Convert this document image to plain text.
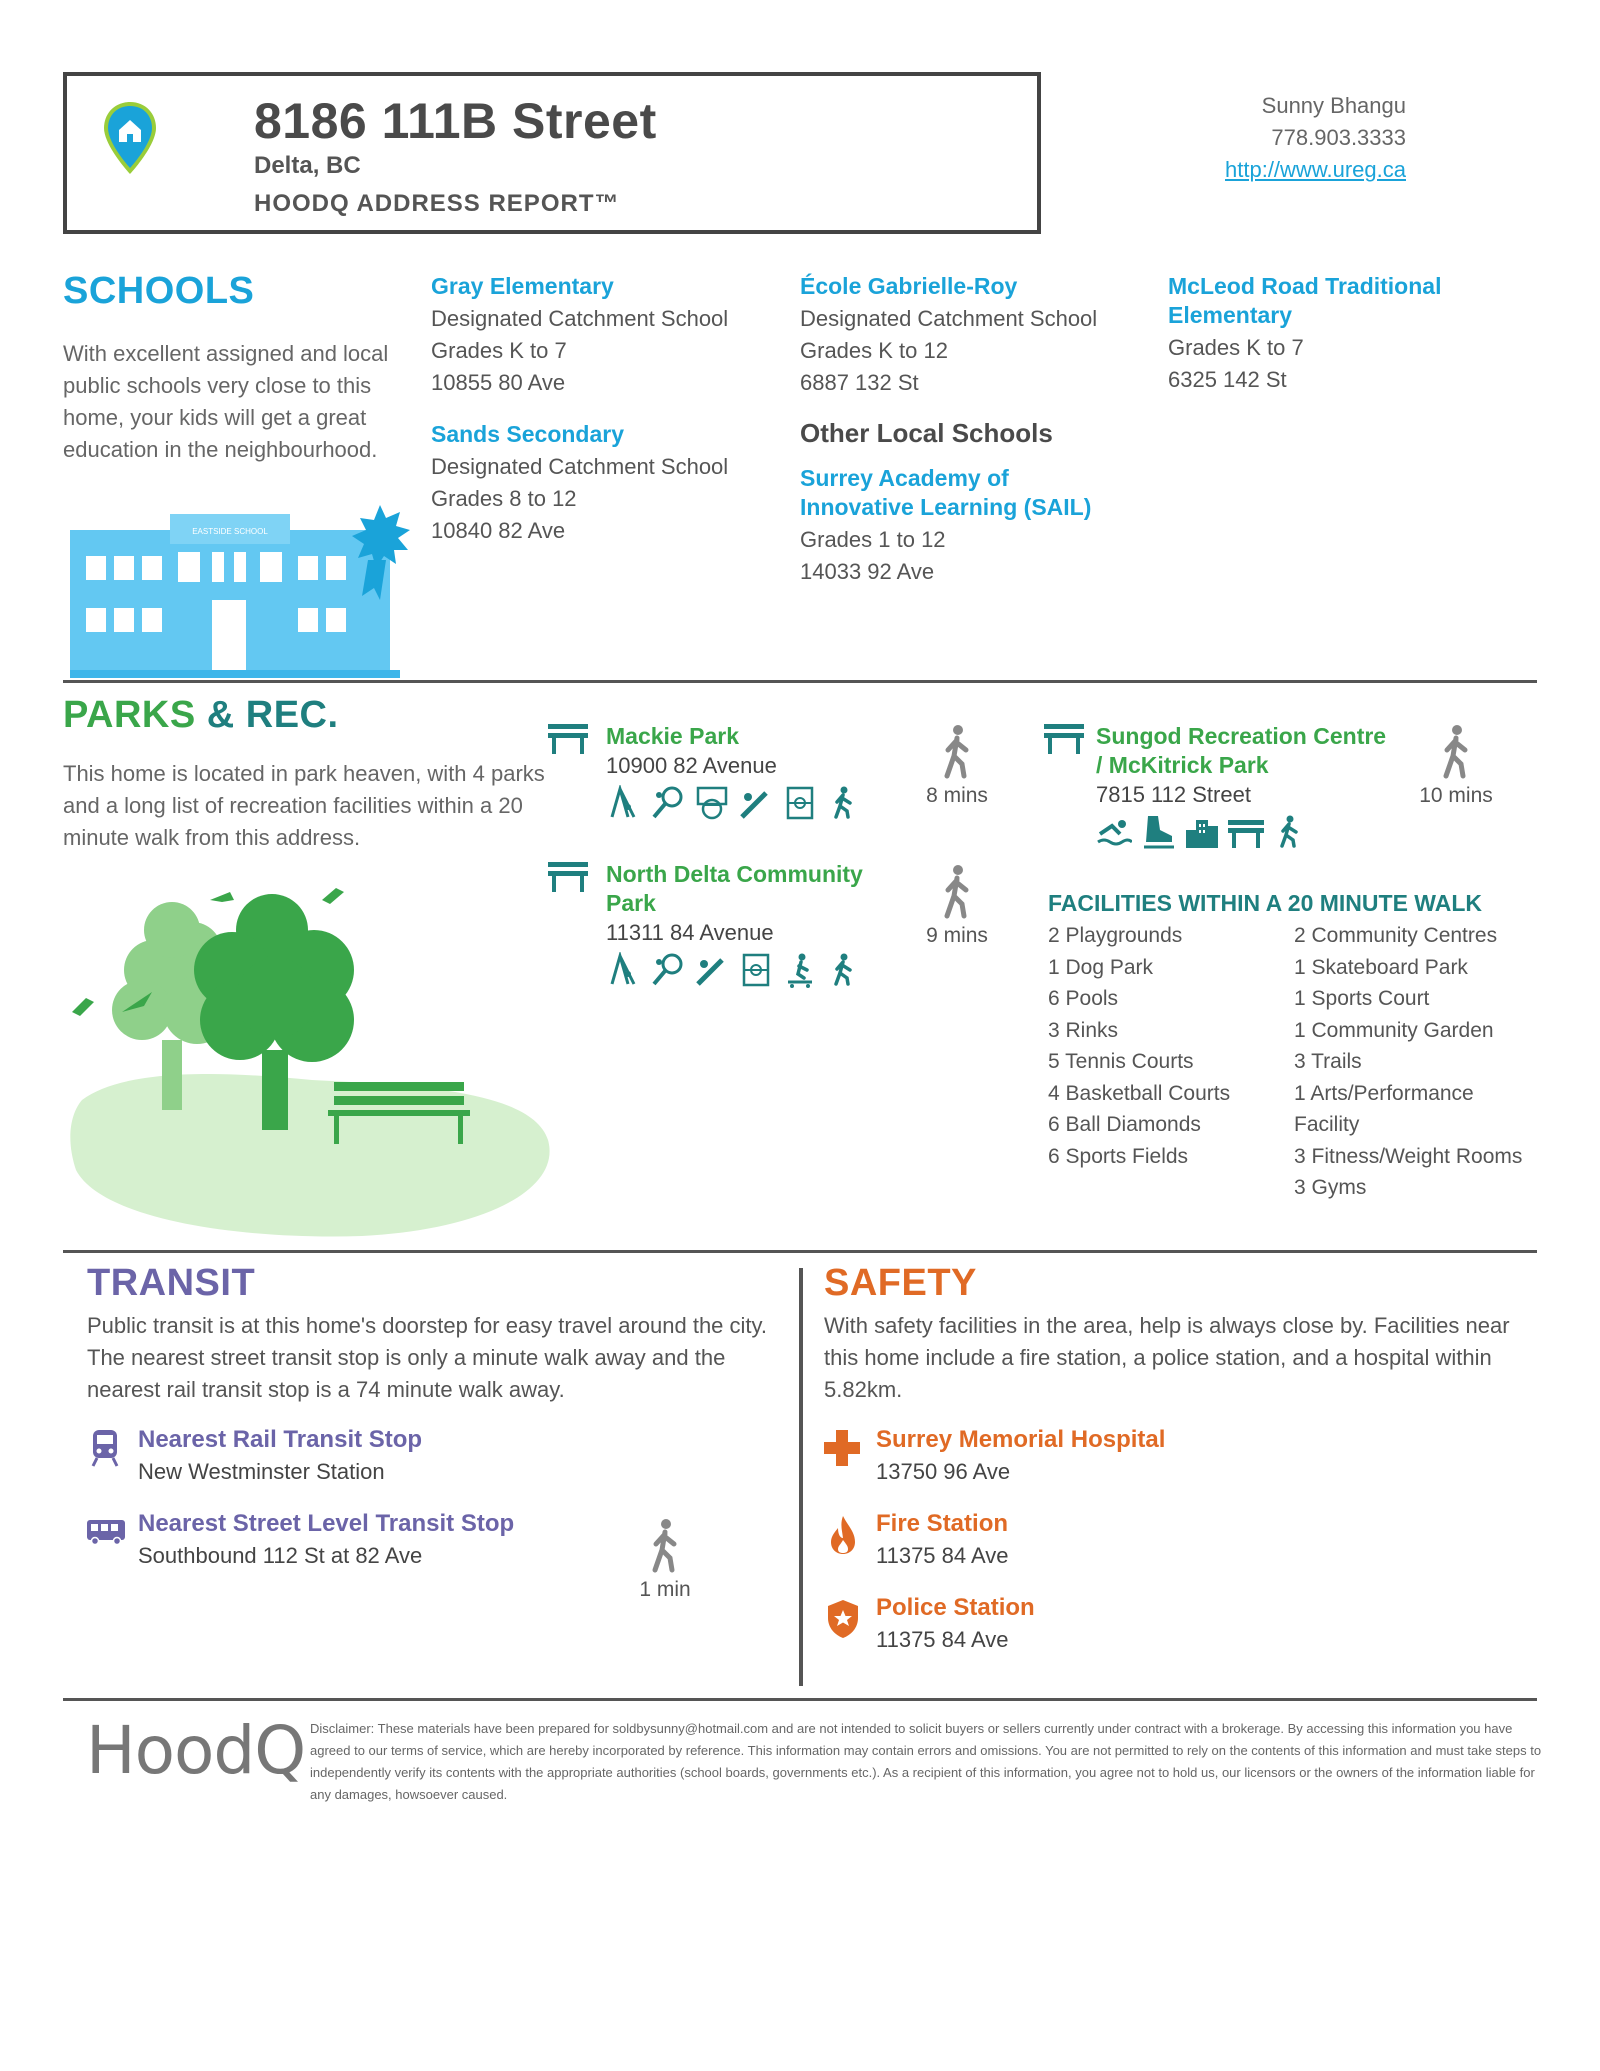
8186 111B Street
Delta, BC
HOODQ ADDRESS REPORT™
Sunny Bhangu
778.903.3333
http://www.ureg.ca
SCHOOLS
With excellent assigned and local public schools very close to this home, your kids will get a great education in the neighbourhood.
EASTSIDE SCHOOL
Gray Elementary
Designated Catchment School
Grades K to 7
10855 80 Ave
Sands Secondary
Designated Catchment School
Grades 8 to 12
10840 82 Ave
École Gabrielle-Roy
Designated Catchment School
Grades K to 12
6887 132 St
Other Local Schools
Surrey Academy of
Innovative Learning (SAIL)
Grades 1 to 12
14033 92 Ave
McLeod Road Traditional
Elementary
Grades K to 7
6325 142 St
PARKS & REC.
This home is located in park heaven, with 4 parks and a long list of recreation facilities within a 20 minute walk from this address.
Mackie Park
10900 82 Avenue
8 mins
North Delta Community
Park
11311 84 Avenue	9 mins
Sungod Recreation Centre
/ McKitrick Park
7815 112 Street	10 mins
FACILITIES WITHIN A 20 MINUTE WALK
2 Playgrounds
1 Dog Park
6 Pools
3 Rinks
5 Tennis Courts
4 Basketball Courts
6 Ball Diamonds
6 Sports Fields
2 Community Centres
1 Skateboard Park
1 Sports Court
1 Community Garden
3 Trails
1 Arts/Performance
Facility
3 Fitness/Weight Rooms
3 Gyms
TRANSIT
Public transit is at this home's doorstep for easy travel around the city. The nearest street transit stop is only a minute walk away and the nearest rail transit stop is a 74 minute walk away.
Nearest Rail Transit Stop
New Westminster Station
Nearest Street Level Transit Stop
Southbound 112 St at 82 Ave
1 min
SAFETY
With safety facilities in the area, help is always close by. Facilities near this home include a fire station, a police station, and a hospital within 5.82km.
Surrey Memorial Hospital
13750 96 Ave
Fire Station
11375 84 Ave
Police Station
11375 84 Ave
HoodQ Disclaimer: These materials have been prepared for soldbysunny@hotmail.com and are not intended to solicit buyers or sellers currently under contract with a brokerage. By accessing this information you have agreed to our terms of service, which are hereby incorporated by reference. This information may contain errors and omissions. You are not permitted to rely on the contents of this information and must take steps to independently verify its contents with the appropriate authorities (school boards, governments etc.). As a recipient of this information, you agree not to hold us, our licensors or the owners of the information liable for any damages, howsoever caused.
